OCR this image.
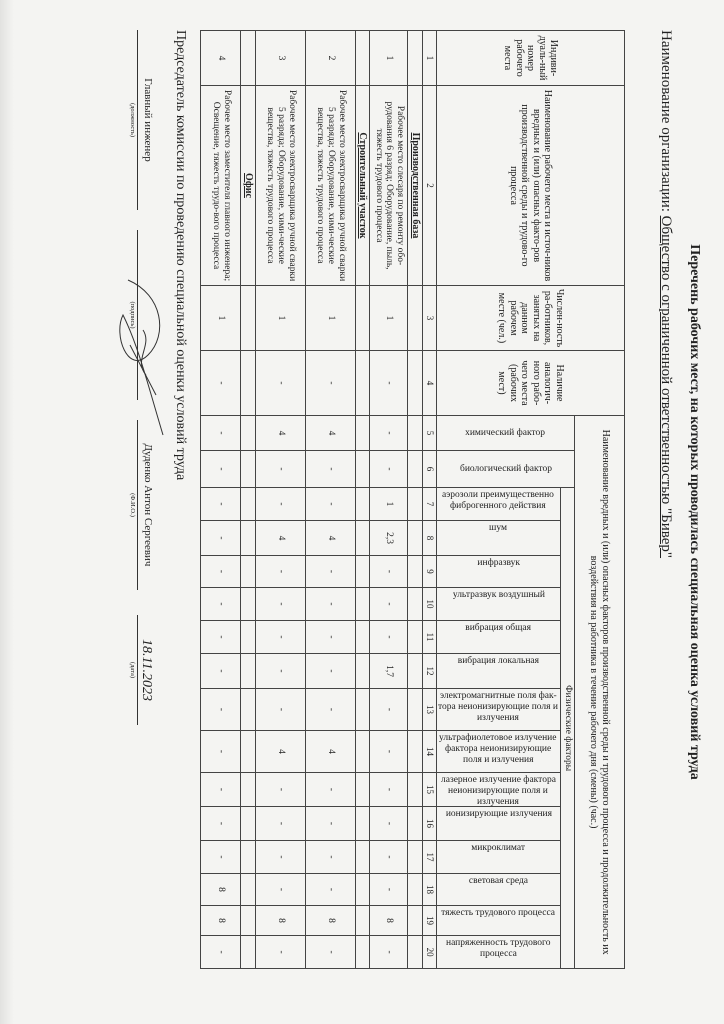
Перечень рабочих мест, на которых проводилась специальная оценка условий труда
Наименование организации: Общество с ограниченной ответственностью "Бивер"
Индиви-дуаль-ный номер рабочего места	Наименование рабочего места и источ-ников вредных и (или) опасных факто-ров производственной среды и трудово-го процесса	Числен-ность ра-ботников, занятых на данном рабочем месте (чел.)	Наличие аналогич-ного рабо-чего места (рабочих мест)	Наименование вредных и (или) опасных факторов производственной среды и трудового процесса и продолжительность их воздействия на работника в течение рабочего дня (смены) (час.)															

				химический фактор	биологический фактор	Физические факторы													

						аэрозоли преимущественно фиброгенного действия	шум	инфразвук	ультразвук воздушный	вибрация общая	вибрация локальная	электромагнитные поля фак-тора неионизирующие поля и излучения	ультрафиолетовое излучение фактора неионизирующие поля и излучения	лазерное излучение фактора неионизирующие поля и излучения	ионизирующие излучения	микроклимат	световая среда	тяжесть трудового процесса	напряженность трудового процесса

1	2	3	4	5	6	7	8	9	10	11	12	13	14	15	16	17	18	19	20
	Производственная база																		
1	Рабочее место слесаря по ремонту обо-рудования 6 разряд; Оборудование, пыль, тяжесть трудового процесса	1	-	-	-	1	2,3	-	-	-	1,7	-	-	-	-	-	-	8	-
	Строительный участок																		
2	Рабочее место электросварщика ручной сварки 5 разряда; Оборудование, хими-ческие вещества, тяжесть трудового процесса	1	-	4	-	-	4	-	-	-	-	-	4	-	-	-	-	8	-
3	Рабочее место электросварщика ручной сварки 5 разряда; Оборудование, хими-ческие вещества, тяжесть трудового процесса	1	-	4	-	-	4	-	-	-	-	-	4	-	-	-	-	8	-
	Офис																		
4	Рабочее место заместителя главного инженера; Освещение, тяжесть трудо-вого процесса	1	-	-	-	-	-	-	-	-	-	-	-	-	-	-	8	8	-
Председатель комиссии по проведению специальной оценки условий труда
Главный инженер
(должность)
(подпись)
Дуденко Антон Сергеевич
(Ф.И.О.)
18.11.2023
(дата)
